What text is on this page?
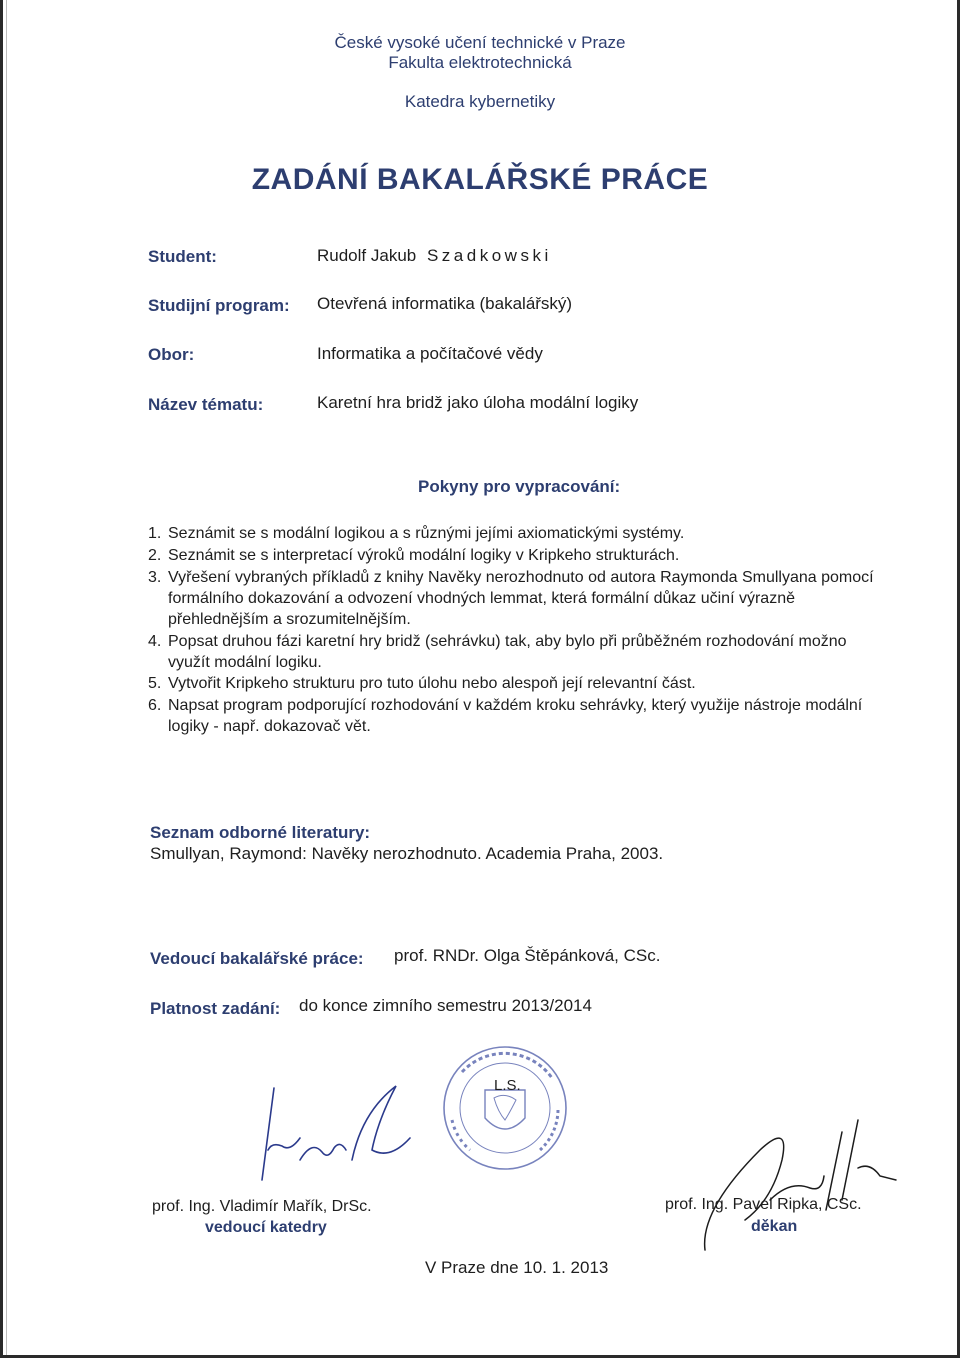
České vysoké učení technické v Praze
Fakulta elektrotechnická
Katedra kybernetiky
ZADÁNÍ BAKALÁŘSKÉ PRÁCE
Student:	Rudolf Jakub Szadkowski
Studijní program: Otevřená informatika (bakalářský)
Obor:	Informatika a počítačové vědy
Název tématu:	Karetní hra bridž jako úloha modální logiky
Pokyny pro vypracování:
1. Seznámit se s modální logikou a s různými jejími axiomatickými systémy.
2. Seznámit se s interpretací výroků modální logiky v Kripkeho strukturách.
3. Vyřešení vybraných příkladů z knihy Navěky nerozhodnuto od autora Raymonda Smullyana pomocí formálního dokazování a odvození vhodných lemmat, která formální důkaz učiní výrazně přehlednějším a srozumitelnějším.
4. Popsat druhou fázi karetní hry bridž (sehrávku) tak, aby bylo při průběžném rozhodování možno využít modální logiku.
5. Vytvořit Kripkeho strukturu pro tuto úlohu nebo alespoň její relevantní část.
6. Napsat program podporující rozhodování v každém kroku sehrávky, který využije nástroje modální logiky - např. dokazovač vět.
Seznam odborné literatury:
Smullyan, Raymond: Navěky nerozhodnuto. Academia Praha, 2003.
Vedoucí bakalářské práce: prof. RNDr. Olga Štěpánková, CSc.
Platnost zadání: do konce zimního semestru 2013/2014
L.S.
prof. Ing. Vladimír Mařík, DrSc.
vedoucí katedry
prof. Ing. Pavel Ripka, CSc.
děkan
V Praze dne 10. 1. 2013
